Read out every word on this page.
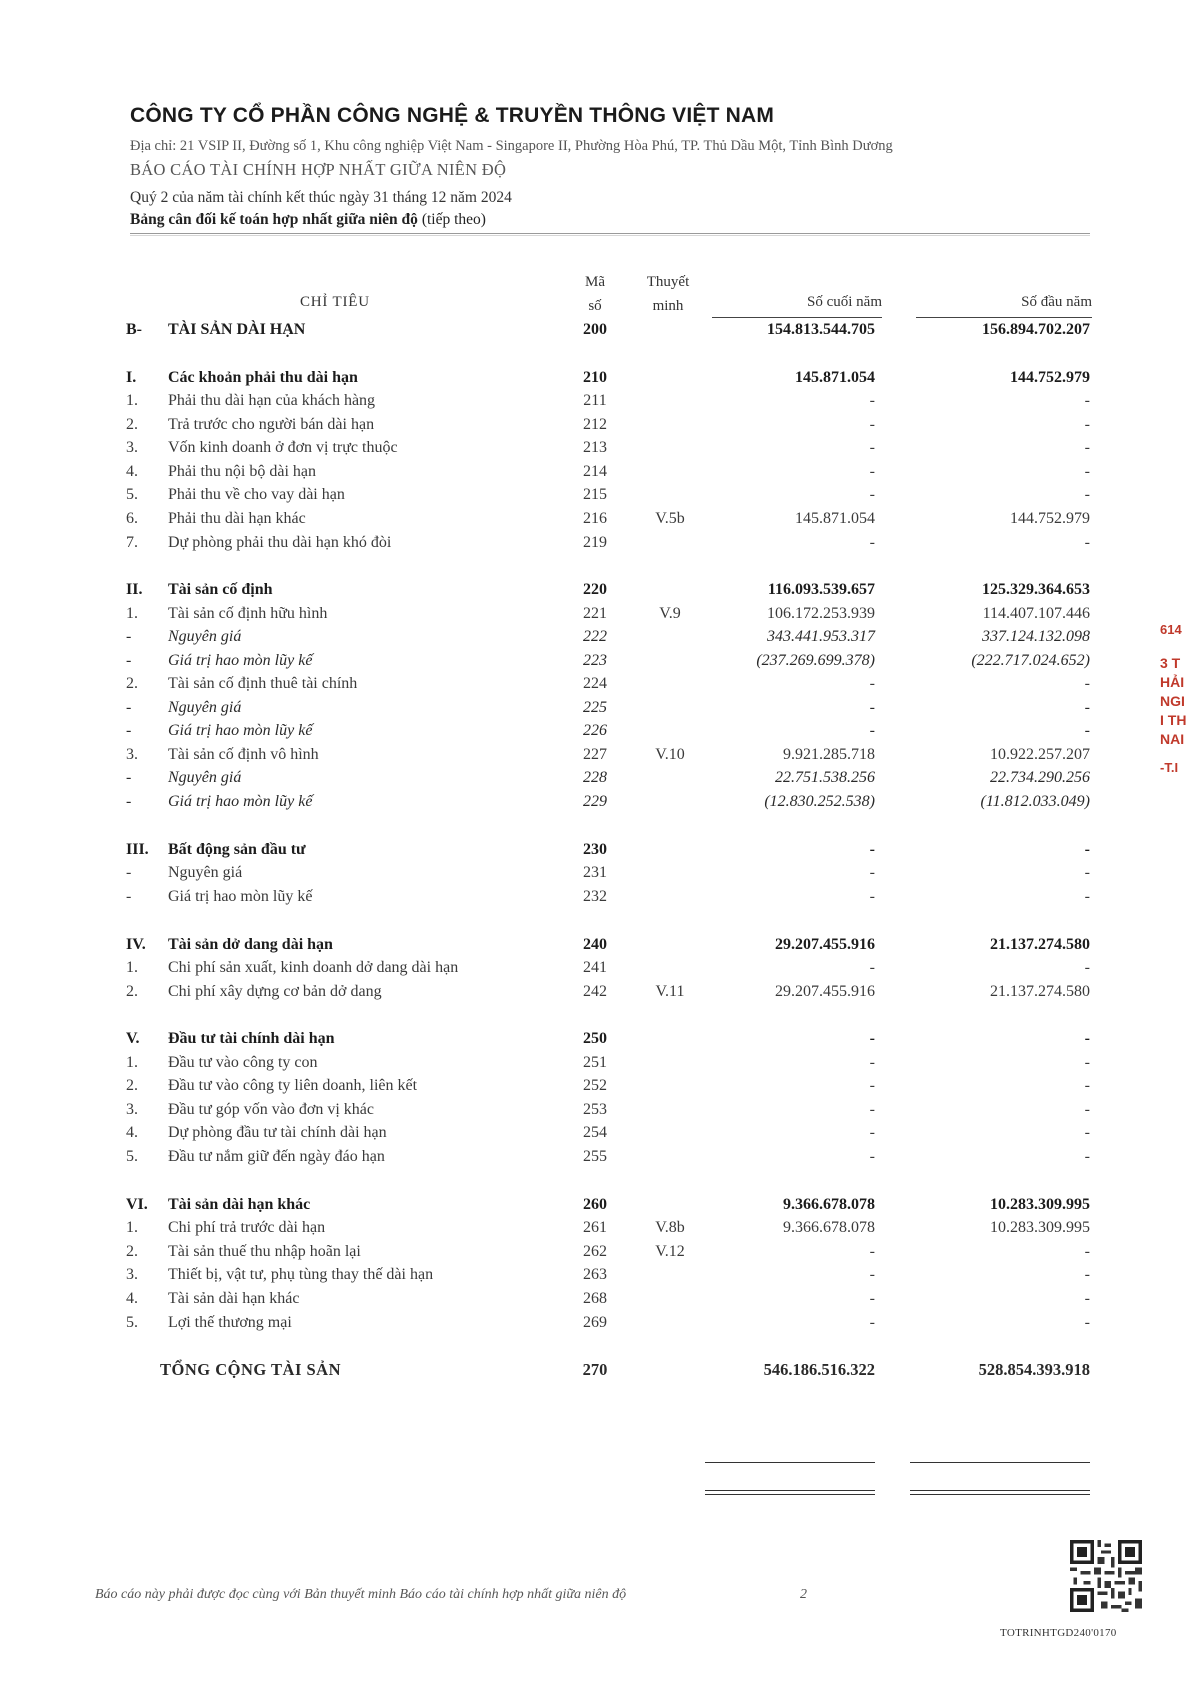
CÔNG TY CỔ PHẦN CÔNG NGHỆ & TRUYỀN THÔNG VIỆT NAM
Địa chỉ: 21 VSIP II, Đường số 1, Khu công nghiệp Việt Nam - Singapore II, Phường Hòa Phú, TP. Thủ Dầu Một, Tỉnh Bình Dương
BÁO CÁO TÀI CHÍNH HỢP NHẤT GIỮA NIÊN ĐỘ
Quý 2 của năm tài chính kết thúc ngày 31 tháng 12 năm 2024
Bảng cân đối kế toán hợp nhất giữa niên độ (tiếp theo)
CHỈ TIÊU
Mã
số
Thuyết
minh	Số cuối năm	Số đầu năm
B-	TÀI SẢN DÀI HẠN	200	154.813.544.705	156.894.702.207
I.	Các khoản phải thu dài hạn	210	145.871.054	144.752.979
1.	Phải thu dài hạn của khách hàng	211	-	-
2.	Trả trước cho người bán dài hạn	212	-	-
3.	Vốn kinh doanh ở đơn vị trực thuộc	213	-	-
4.	Phải thu nội bộ dài hạn	214	-	-
5.	Phải thu về cho vay dài hạn	215	-	-
6.	Phải thu dài hạn khác	216	V.5b	145.871.054	144.752.979
7.	Dự phòng phải thu dài hạn khó đòi	219	-	-
II.	Tài sản cố định	220	116.093.539.657	125.329.364.653
1.	Tài sản cố định hữu hình	221	V.9	106.172.253.939	114.407.107.446
-	Nguyên giá	222	343.441.953.317	337.124.132.098
-	Giá trị hao mòn lũy kế	223	(237.269.699.378)	(222.717.024.652)
2.	Tài sản cố định thuê tài chính	224	-	-
-	Nguyên giá	225	-	-
-	Giá trị hao mòn lũy kế	226	-	-
3.	Tài sản cố định vô hình	227	V.10	9.921.285.718	10.922.257.207
-	Nguyên giá	228	22.751.538.256	22.734.290.256
-	Giá trị hao mòn lũy kế	229	(12.830.252.538)	(11.812.033.049)
III.	Bất động sản đầu tư	230	-	-
-	Nguyên giá	231	-	-
-	Giá trị hao mòn lũy kế	232	-	-
IV.	Tài sản dở dang dài hạn	240	29.207.455.916	21.137.274.580
1.	Chi phí sản xuất, kinh doanh dở dang dài hạn	241	-	-
2.	Chi phí xây dựng cơ bản dở dang	242	V.11	29.207.455.916	21.137.274.580
V.	Đầu tư tài chính dài hạn	250	-	-
1.	Đầu tư vào công ty con	251	-	-
2.	Đầu tư vào công ty liên doanh, liên kết	252	-	-
3.	Đầu tư góp vốn vào đơn vị khác	253	-	-
4.	Dự phòng đầu tư tài chính dài hạn	254	-	-
5.	Đầu tư nắm giữ đến ngày đáo hạn	255	-	-
VI.	Tài sản dài hạn khác	260	9.366.678.078	10.283.309.995
1.	Chi phí trả trước dài hạn	261	V.8b	9.366.678.078	10.283.309.995
2.	Tài sản thuế thu nhập hoãn lại	262	V.12	-	-
3.	Thiết bị, vật tư, phụ tùng thay thế dài hạn	263	-	-
4.	Tài sản dài hạn khác	268	-	-
5.	Lợi thế thương mại	269	-	-
TỔNG CỘNG TÀI SẢN	270	546.186.516.322	528.854.393.918
Báo cáo này phải được đọc cùng với Bản thuyết minh Báo cáo tài chính hợp nhất giữa niên độ	2
TOTRINHTGD240'0170
614
3 T
HẢI
NGI
I TH
NAI
-T.I
